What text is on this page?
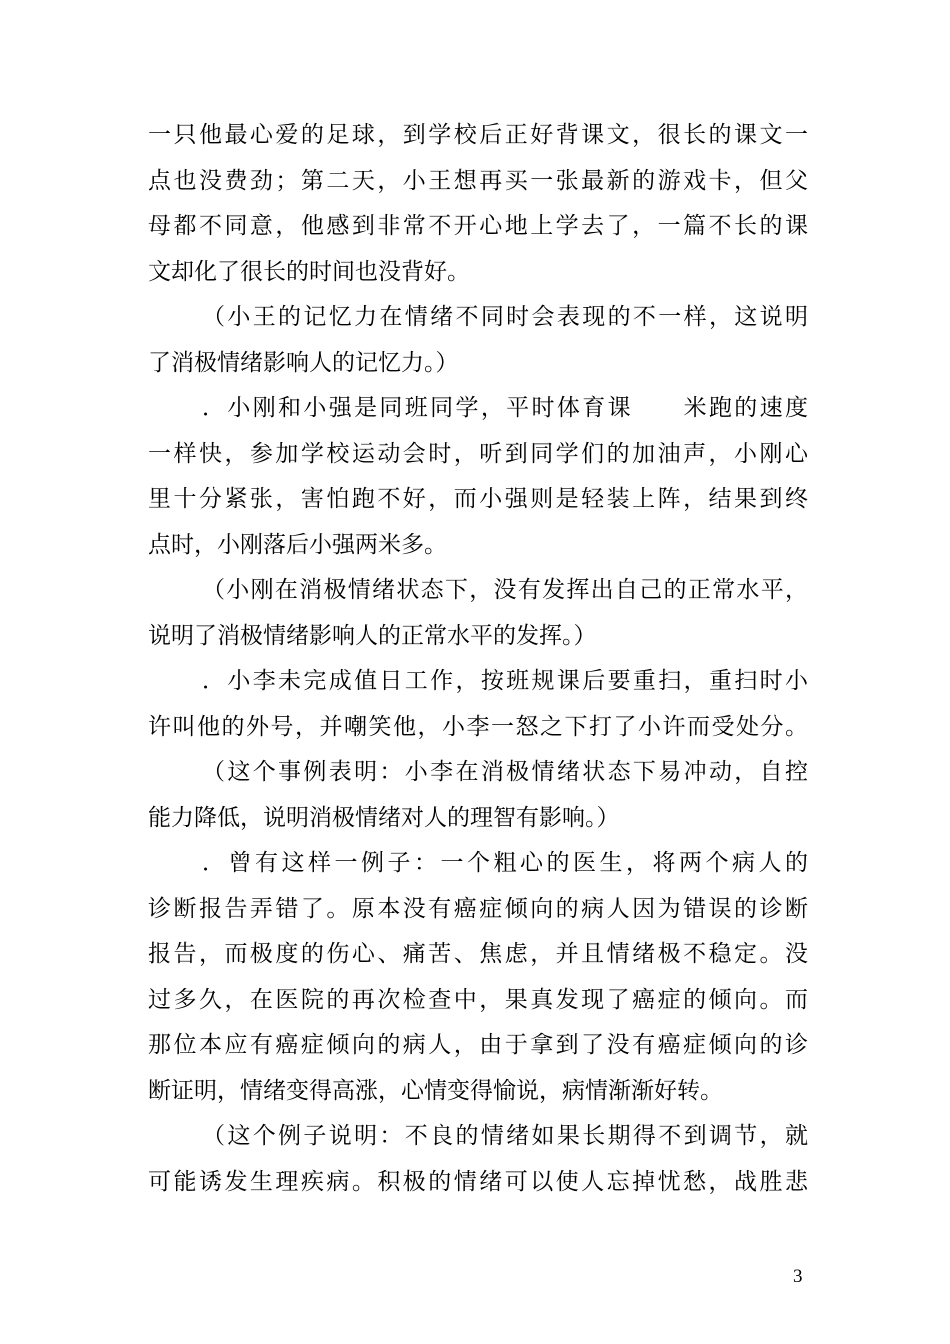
一只他最心爱的足球，到学校后正好背课文，很长的课文一
点也没费劲；第二天，小王想再买一张最新的游戏卡，但父
母都不同意，他感到非常不开心地上学去了，一篇不长的课
文却化了很长的时间也没背好。
（小王的记忆力在情绪不同时会表现的不一样，这说明
了消极情绪影响人的记忆力。）
．小刚和小强是同班同学，平时体育课　　米跑的速度
一样快，参加学校运动会时，听到同学们的加油声，小刚心
里十分紧张，害怕跑不好，而小强则是轻装上阵，结果到终
点时，小刚落后小强两米多。
（小刚在消极情绪状态下，没有发挥出自己的正常水平，
说明了消极情绪影响人的正常水平的发挥。）
．小李未完成值日工作，按班规课后要重扫，重扫时小
许叫他的外号，并嘲笑他，小李一怒之下打了小许而受处分。
（这个事例表明：小李在消极情绪状态下易冲动，自控
能力降低，说明消极情绪对人的理智有影响。）
．曾有这样一例子：一个粗心的医生，将两个病人的
诊断报告弄错了。原本没有癌症倾向的病人因为错误的诊断
报告，而极度的伤心、痛苦、焦虑，并且情绪极不稳定。没
过多久，在医院的再次检查中，果真发现了癌症的倾向。而
那位本应有癌症倾向的病人，由于拿到了没有癌症倾向的诊
断证明，情绪变得高涨，心情变得愉说，病情渐渐好转。
（这个例子说明：不良的情绪如果长期得不到调节，就
可能诱发生理疾病。积极的情绪可以使人忘掉忧愁，战胜悲
3
